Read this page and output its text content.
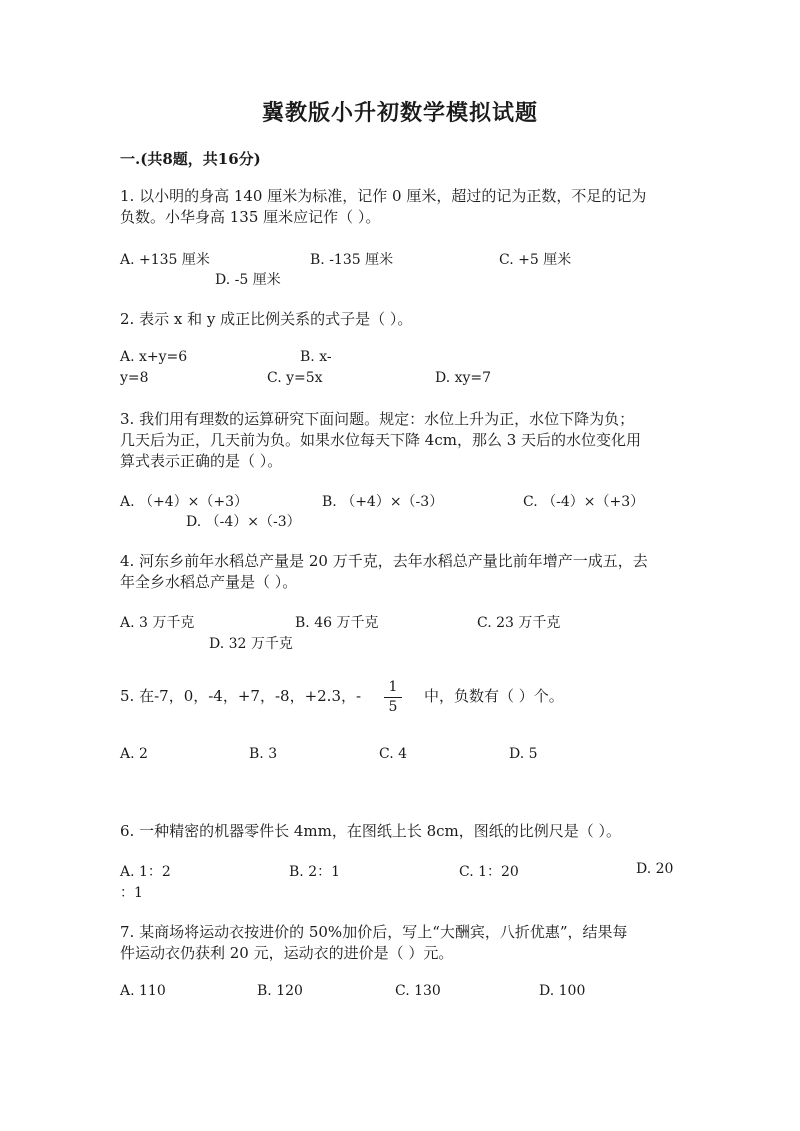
冀教版小升初数学模拟试题
一.(共8题，共16分)
1. 以小明的身高 140 厘米为标准，记作 0 厘米，超过的记为正数，不足的记为
负数。小华身高 135 厘米应记作（ ）。
A. +135 厘米	B. -135 厘米	C. +5 厘米
D. -5 厘米
2. 表示 x 和 y 成正比例关系的式子是（ ）。
A. x+y=6	B. x-
y=8	C. y=5x	D. xy=7
3. 我们用有理数的运算研究下面问题。规定：水位上升为正，水位下降为负；
几天后为正，几天前为负。如果水位每天下降 4cm，那么 3 天后的水位变化用
算式表示正确的是（ ）。
A. （+4）×（+3）	B. （+4）×（-3）	C. （-4）×（+3）
D. （-4）×（-3）
4. 河东乡前年水稻总产量是 20 万千克，去年水稻总产量比前年增产一成五，去
年全乡水稻总产量是（ ）。
A. 3 万千克	B. 46 万千克	C. 23 万千克
D. 32 万千克
5. 在-7，0，-4，+7，-8，+2.3，-	1
5
中，负数有（ ）个。
A. 2	B. 3	C. 4	D. 5
6. 一种精密的机器零件长 4mm，在图纸上长 8cm，图纸的比例尺是（ ）。
A. 1：2	B. 2：1	C. 1：20	D. 20
：1
7. 某商场将运动衣按进价的 50%加价后，写上“大酬宾，八折优惠”，结果每
件运动衣仍获利 20 元，运动衣的进价是（ ）元。
A. 110	B. 120	C. 130	D. 100
